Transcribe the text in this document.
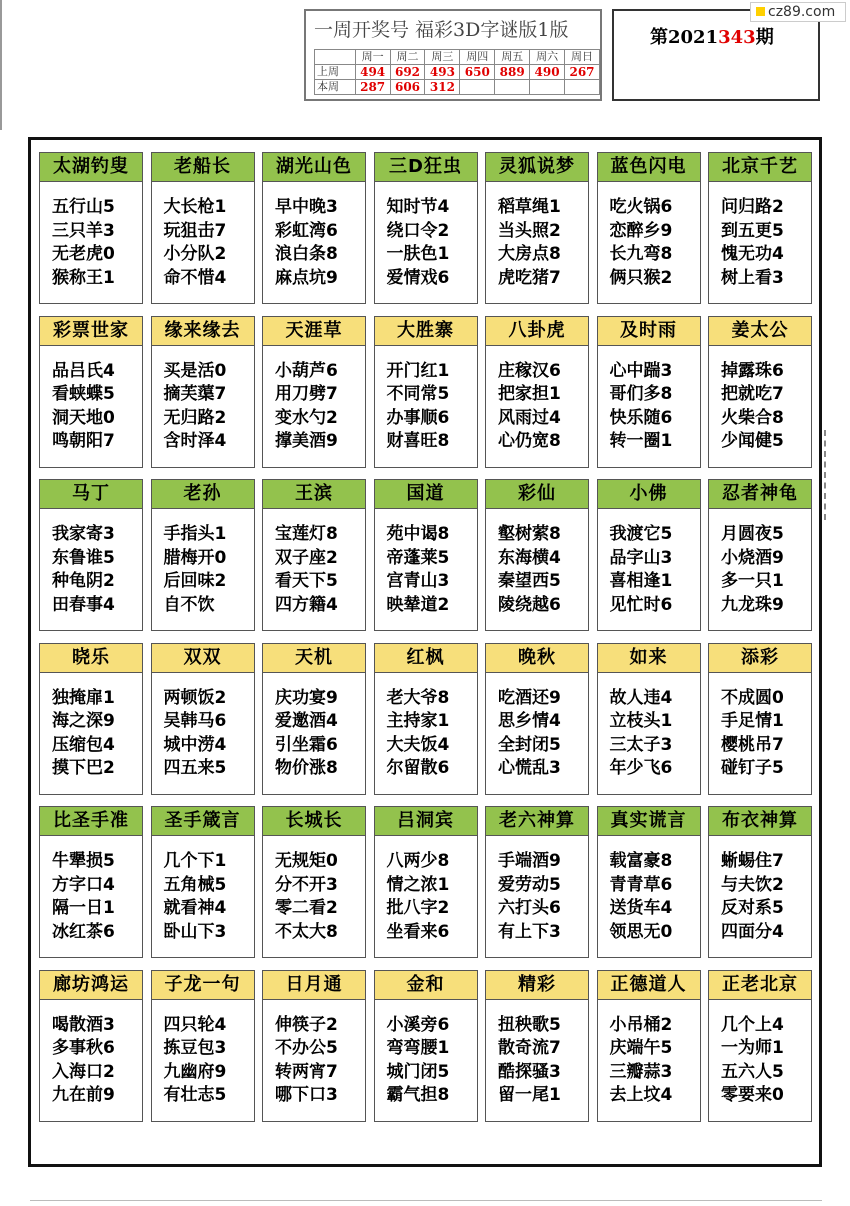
一周开奖号 福彩3D字谜版1版
	周一	周二	周三	周四	周五	周六	周日
上周	494	692	493	650	889	490	267
本周	287	606	312				
第2021343期
cz89.com
太湖钓叟
五行山5
三只羊3
无老虎0
猴称王1
老船长
大长枪1
玩狙击7
小分队2
命不惜4
湖光山色
早中晚3
彩虹湾6
浪白条8
麻点坑9
三D狂虫
知时节4
绕口令2
一肤色1
爱情戏6
灵狐说梦
稻草绳1
当头照2
大房点8
虎吃猪7
蓝色闪电
吃火锅6
恋醉乡9
长九弯8
俩只猴2
北京千艺
问归路2
到五更5
愧无功4
树上看3
彩票世家
品吕氏4
看蛱蝶5
洞天地0
鸣朝阳7
缘来缘去
买是活0
摘芙蕖7
无归路2
含时泽4
天涯草
小葫芦6
用刀劈7
变水勺2
撑美酒9
大胜寨
开门红1
不同常5
办事顺6
财喜旺8
八卦虎
庄稼汉6
把家担1
风雨过4
心仍宽8
及时雨
心中踹3
哥们多8
快乐随6
转一圈1
姜太公
掉露珠6
把就吃7
火柴合8
少闻健5
马丁
我家寄3
东鲁谁5
种龟阴2
田春事4
老孙
手指头1
腊梅开0
后回味2
自不饮
王滨
宝莲灯8
双子座2
看天下5
四方籍4
国道
苑中谒8
帝蓬莱5
宫青山3
映辇道2
彩仙
壑树萦8
东海横4
秦望西5
陵绕越6
小佛
我渡它5
品字山3
喜相逢1
见忙时6
忍者神龟
月圆夜5
小烧酒9
多一只1
九龙珠9
晓乐
独掩扉1
海之深9
压缩包4
摸下巴2
双双
两顿饭2
吴韩马6
城中涝4
四五来5
天机
庆功宴9
爱邀酒4
引坐霜6
物价涨8
红枫
老大爷8
主持家1
大夫饭4
尔留散6
晚秋
吃酒还9
思乡情4
全封闭5
心慌乱3
如来
故人违4
立枝头1
三太子3
年少飞6
添彩
不成圆0
手足情1
樱桃吊7
碰钉子5
比圣手准
牛犟损5
方字口4
隔一日1
冰红茶6
圣手箴言
几个下1
五角械5
就看神4
卧山下3
长城长
无规矩0
分不开3
零二看2
不太大8
吕洞宾
八两少8
情之浓1
批八字2
坐看来6
老六神算
手端酒9
爱劳动5
六打头6
有上下3
真实谎言
载富豪8
青青草6
送货车4
领思无0
布衣神算
蜥蜴住7
与夫饮2
反对系5
四面分4
廊坊鸿运
喝散酒3
多事秋6
入海口2
九在前9
子龙一句
四只轮4
拣豆包3
九幽府9
有壮志5
日月通
伸筷子2
不办公5
转两宵7
哪下口3
金和
小溪旁6
弯弯腰1
城门闭5
霸气担8
精彩
扭秧歌5
散奇流7
酷探骚3
留一尾1
正德道人
小吊桶2
庆端午5
三瓣蒜3
去上坟4
正老北京
几个上4
一为师1
五六人5
零要来0
